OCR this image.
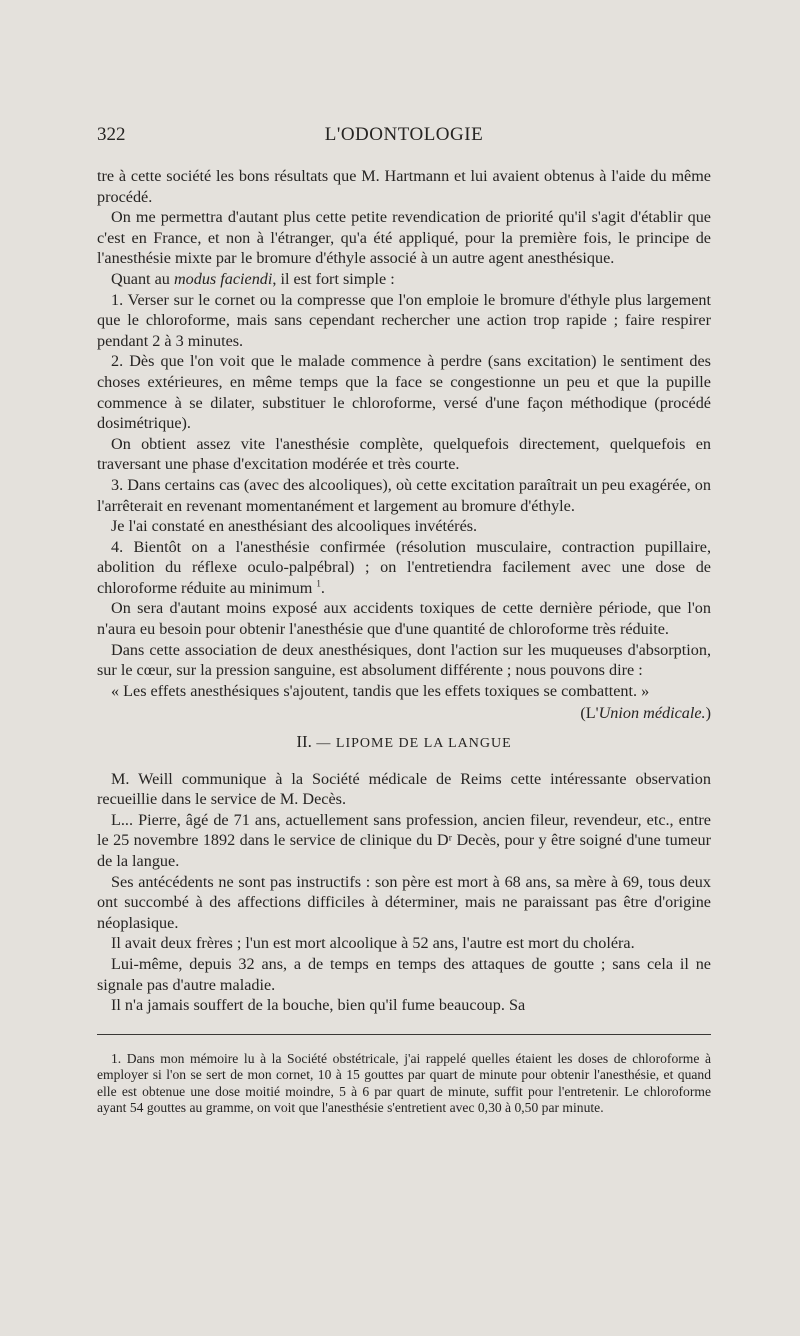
322	L'ODONTOLOGIE

tre à cette société les bons résultats que M. Hartmann et lui avaient obtenus à l'aide du même procédé.

On me permettra d'autant plus cette petite revendication de priorité qu'il s'agit d'établir que c'est en France, et non à l'étranger, qu'a été appliqué, pour la première fois, le principe de l'anesthésie mixte par le bromure d'éthyle associé à un autre agent anesthésique.

Quant au modus faciendi, il est fort simple :

1. Verser sur le cornet ou la compresse que l'on emploie le bromure d'éthyle plus largement que le chloroforme, mais sans cependant rechercher une action trop rapide ; faire respirer pendant 2 à 3 minutes.

2. Dès que l'on voit que le malade commence à perdre (sans excitation) le sentiment des choses extérieures, en même temps que la face se congestionne un peu et que la pupille commence à se dilater, substituer le chloroforme, versé d'une façon méthodique (procédé dosimétrique).

On obtient assez vite l'anesthésie complète, quelquefois directement, quelquefois en traversant une phase d'excitation modérée et très courte.

3. Dans certains cas (avec des alcooliques), où cette excitation paraîtrait un peu exagérée, on l'arrêterait en revenant momentanément et largement au bromure d'éthyle.

Je l'ai constaté en anesthésiant des alcooliques invétérés.

4. Bientôt on a l'anesthésie confirmée (résolution musculaire, contraction pupillaire, abolition du réflexe oculo-palpébral) ; on l'entretiendra facilement avec une dose de chloroforme réduite au minimum $^1$.

On sera d'autant moins exposé aux accidents toxiques de cette dernière période, que l'on n'aura eu besoin pour obtenir l'anesthésie que d'une quantité de chloroforme très réduite.

Dans cette association de deux anesthésiques, dont l'action sur les muqueuses d'absorption, sur le cœur, sur la pression sanguine, est absolument différente ; nous pouvons dire :

« Les effets anesthésiques s'ajoutent, tandis que les effets toxiques se combattent. »

(L'Union médicale.)
II. — LIPOME DE LA LANGUE

M. Weill communique à la Société médicale de Reims cette intéressante observation recueillie dans le service de M. Decès.

L... Pierre, âgé de 71 ans, actuellement sans profession, ancien fileur, revendeur, etc., entre le 25 novembre 1892 dans le service de clinique du Dʳ Decès, pour y être soigné d'une tumeur de la langue.

Ses antécédents ne sont pas instructifs : son père est mort à 68 ans, sa mère à 69, tous deux ont succombé à des affections difficiles à déterminer, mais ne paraissant pas être d'origine néoplasique.

Il avait deux frères ; l'un est mort alcoolique à 52 ans, l'autre est mort du choléra.

Lui-même, depuis 32 ans, a de temps en temps des attaques de goutte ; sans cela il ne signale pas d'autre maladie.

Il n'a jamais souffert de la bouche, bien qu'il fume beaucoup. Sa

1. Dans mon mémoire lu à la Société obstétricale, j'ai rappelé quelles étaient les doses de chloroforme à employer si l'on se sert de mon cornet, 10 à 15 gouttes par quart de minute pour obtenir l'anesthésie, et quand elle est obtenue une dose moitié moindre, 5 à 6 par quart de minute, suffit pour l'entretenir. Le chloroforme ayant 54 gouttes au gramme, on voit que l'anesthésie s'entretient avec 0,30 à 0,50 par minute.
